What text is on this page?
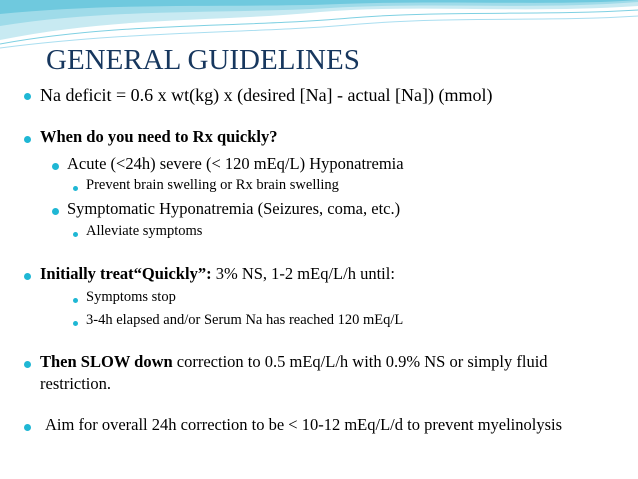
GENERAL GUIDELINES
Na deficit = 0.6 x wt(kg) x (desired [Na] - actual [Na]) (mmol)
When do you need to Rx quickly?
Acute (<24h) severe (< 120 mEq/L) Hyponatremia
Prevent brain swelling or Rx brain swelling
Symptomatic Hyponatremia (Seizures, coma, etc.)
Alleviate symptoms
Initially treat“Quickly”: 3% NS, 1-2 mEq/L/h until:
Symptoms stop
3-4h elapsed and/or Serum Na has reached 120 mEq/L
Then SLOW down correction to 0.5 mEq/L/h with 0.9% NS or simply fluid restriction.
Aim for overall 24h correction to be < 10-12 mEq/L/d to prevent myelinolysis
